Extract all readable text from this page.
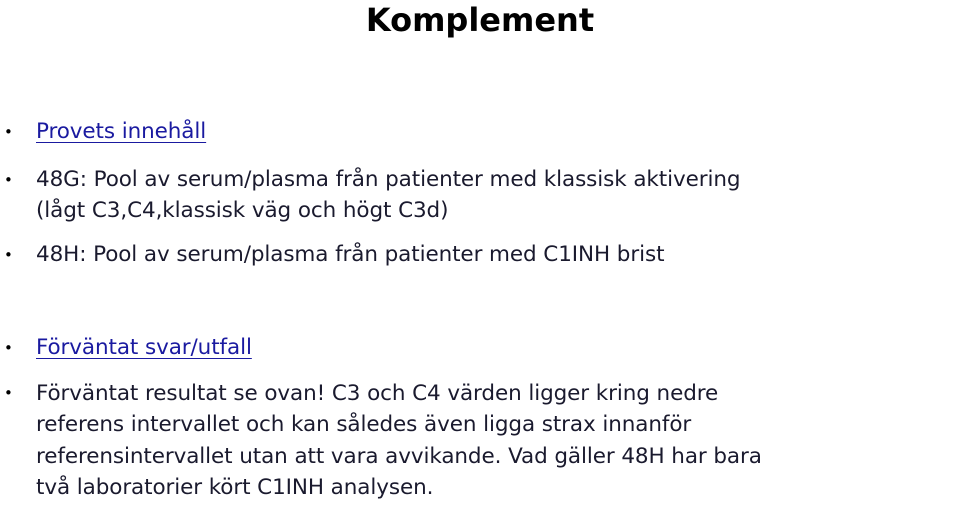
Komplement
•	Provets innehåll
•	48G: Pool av serum/plasma från patienter med klassisk aktivering
(lågt C3,C4,klassisk väg och högt C3d)
•	48H: Pool av serum/plasma från patienter med C1INH brist
•	Förväntat svar/utfall
• Förväntat resultat se ovan! C3 och C4 värden ligger kring nedre
referens intervallet och kan således även ligga strax innanför
referensintervallet utan att vara avvikande. Vad gäller 48H har bara
två laboratorier kört C1INH analysen.
